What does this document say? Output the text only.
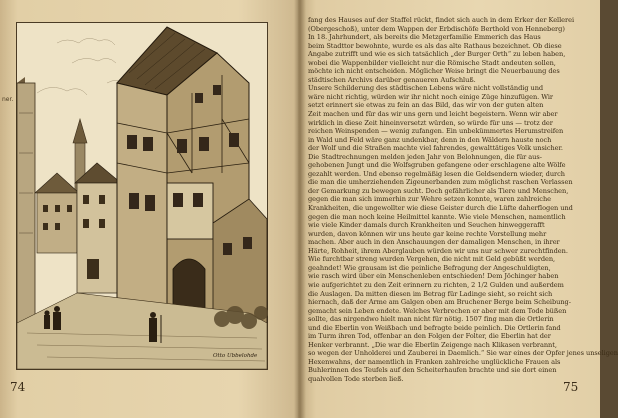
ner.
Otto Ubbelohde
74
fang des Hauses auf der Staffel rückt, findet sich auch in dem Erker der Kellerei
(Obergeschoß), unter dem Wappen der Erbdischöfe Berthold von Henneberg)
In 18. Jahrhundert, als bereits die Metzgerfamilie Emmerich das Haus
beim Stadttor bewohnte, wurde es als das alte Rathaus bezeichnet. Ob diese
Angabe zutrifft und wie es sich tatsächlich „der Burger Orth“ zu leben haben,
wobei die Wappenbilder vielleicht nur die Römische Stadt andeuten sollen,
möchte ich nicht entscheiden. Möglicher Weise bringt die Neuerbauung des
städtischen Archivs darüber genaueren Aufschluß.
Unsere Schilderung des städtischen Lebens wäre nicht vollständig und
wäre nicht richtig, würden wir ihr nicht noch einige Züge hinzufügen. Wir
setzt erinnert sie etwas zu fein an das Bild, das wir von der guten alten
Zeit machen und für das wir uns gern und leicht begeistern. Wenn wir aber
wirklich in diese Zeit hineinversetzt würden, so würde für uns — trotz der
reichen Weinspenden — wenig zufangen. Ein unbekümmertes Herumstreifen
in Wald und Feld wäre ganz undenkbar, denn in den Wäldern hauste noch
der Wolf und die Straßen machte viel fahrendes, gewalttätiges Volk unsicher.
Die Stadtrechnungen melden jeden Jahr von Belohnungen, die für aus-
gehobenen Jungt und die Wolfsgruben gefangene oder erschlagene alte Wölfe
gezahlt werden. Und ebenso regelmäßig lesen die Geldsendern wieder, durch
die man die umherziehenden Zigeunerbanden zum möglichst raschen Verlassen
der Gemarkung zu bewegen sucht. Doch gefährlicher als Tiere und Menschen,
gegen die man sich immerhin zur Wehre setzen konnte, waren zahlreiche
Krankheiten, die ungewollter wie diese Geister durch die Lüfte daherflogen und
gegen die man noch keine Heilmittel kannte. Wie viele Menschen, namentlich
wie viele Kinder damals durch Krankheiten und Seuchen hinweggerafft
wurden, davon können wir uns heute gar keine rechte Vorstellung mehr
machen. Aber auch in den Anschauungen der damaligen Menschen, in ihrer
Härte, Rohheit, ihrem Aberglauben würden wir uns nur schwer zurechtfinden.
Wie furchtbar streng wurden Vergehen, die nicht mit Geld gebüßt werden,
geahndet! Wie grausam ist die peinliche Befragung der Angeschuldigten,
wie rasch wird über ein Menschenleben entschieden! Dem Jöchinger haben
wie aufgerichtet zu den Zeit erinnern zu richten, 2 1/2 Gulden und außerdem
die Auslagen. Da mitten diesen im Betrag für Ladinge sieht, so reicht sich
hiernach, daß der Arme am Galgen oben am Bruchener Berge beim Scheibung-
gemacht sein Leben endete. Welches Verbrechen er aber mit dem Tode büßen
sollte, das nirgendwo hielt man nicht für nötig. 1507 fing man die Ortlerin
und die Eberlin von Weißbach und befragte beide peinlich. Die Ortlerin fand
im Turm ihren Tod, offenbar an den Folgen der Folter, die Eberlin hat der
Henker verbrannt. „Die war die Eberlin Zeigenge nach Klikasen verbrannt,
so wegen der Unholderei und Zauberei in Daemlich.“ Sie war eines der Opfer jenes unseligen
Hexenwahns, der namentlich in Franken zahlreiche unglückliche Frauen als
Buhlerinnen des Teufels auf den Scheiterhaufen brachte und sie dort einen
qualvollen Tode sterben ließ.
75
